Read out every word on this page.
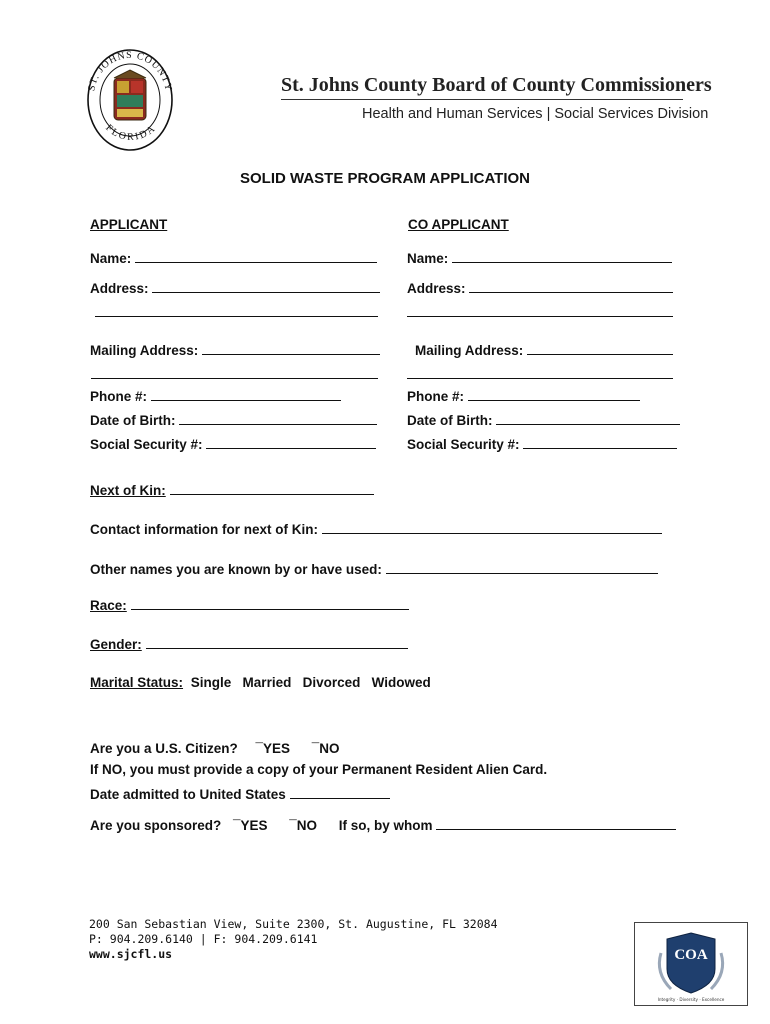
ST. JOHNS COUNTY
FLORIDA
St. Johns County Board of County Commissioners
Health and Human Services | Social Services Division
SOLID WASTE PROGRAM APPLICATION
APPLICANT
Name:
Address:
Mailing Address:
Phone #:
Date of Birth:
Social Security #:
CO APPLICANT
Name:
Address:
Mailing Address:
Phone #:
Date of Birth:
Social Security #:
Next of Kin:
Contact information for next of Kin:
Other names you are known by or have used:
Race:
Gender:
Marital Status: Single   Married   Divorced   Widowed
Are you a U.S. Citizen? ¯YES ¯NO
If NO, you must provide a copy of your Permanent Resident Alien Card.
Date admitted to United States
Are you sponsored? ¯YES ¯NO If so, by whom
200 San Sebastian View, Suite 2300, St. Augustine, FL 32084
P: 904.209.6140 | F: 904.209.6141
www.sjcfl.us	COA
Integrity · Diversity · Excellence
